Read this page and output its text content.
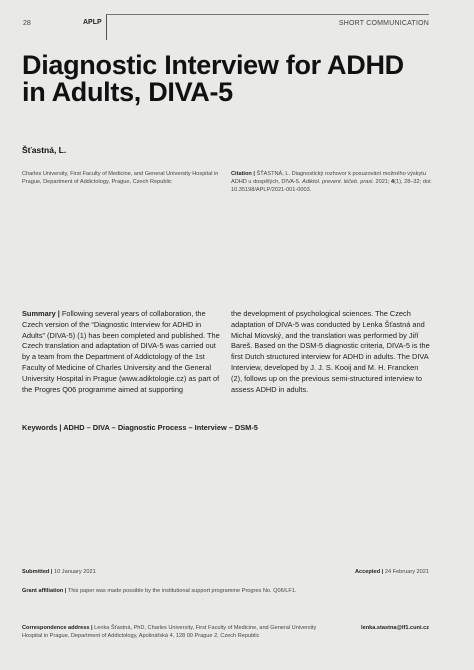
28	APLP	SHORT COMMUNICATION
Diagnostic Interview for ADHD
in Adults, DIVA-5
Šťastná, L.
Charles University, First Faculty of Medicine, and General University Hospital in Prague, Department of Addictology, Prague, Czech Republic
Citation | ŠŤASTNÁ, L. Diagnostický rozhovor k posuzování možného výskytu ADHD u dospělých, DIVA-5. Adiktol. prevent. léčeb. praxi. 2021; 4(1), 28–32; doi: 10.35198/APLP/2021-001-0003.
Summary | Following several years of collaboration, the Czech version of the “Diagnostic Interview for ADHD in Adults” (DIVA-5) (1) has been completed and published. The Czech translation and adaptation of DIVA-5 was carried out by a team from the Department of Addictology of the 1st Faculty of Medicine of Charles University and the General University Hospital in Prague (www.adiktologie.cz) as part of the Progres Q06 programme aimed at supporting
the development of psychological sciences. The Czech adaptation of DIVA-5 was conducted by Lenka Šťastná and Michal Miovský, and the translation was performed by Jiří Bareš. Based on the DSM-5 diagnostic criteria, DIVA-5 is the first Dutch structured interview for ADHD in adults. The DIVA Interview, developed by J. J. S. Kooij and M. H. Francken (2), follows up on the previous semi-structured interview to assess ADHD in adults.
Keywords | ADHD – DIVA – Diagnostic Process – Interview – DSM-5
Submitted | 10 January 2021	Accepted | 24 February 2021
Grant affiliation | This paper was made possible by the institutional support programme Progres No. Q06/LF1.
Correspondence address | Lenka Šťastná, PhD, Charles University, First Faculty of Medicine, and General University Hospital in Prague, Department of Addictology, Apolinářská 4, 128 00 Prague 2, Czech Republic
lenka.stastna@lf1.cuni.cz
